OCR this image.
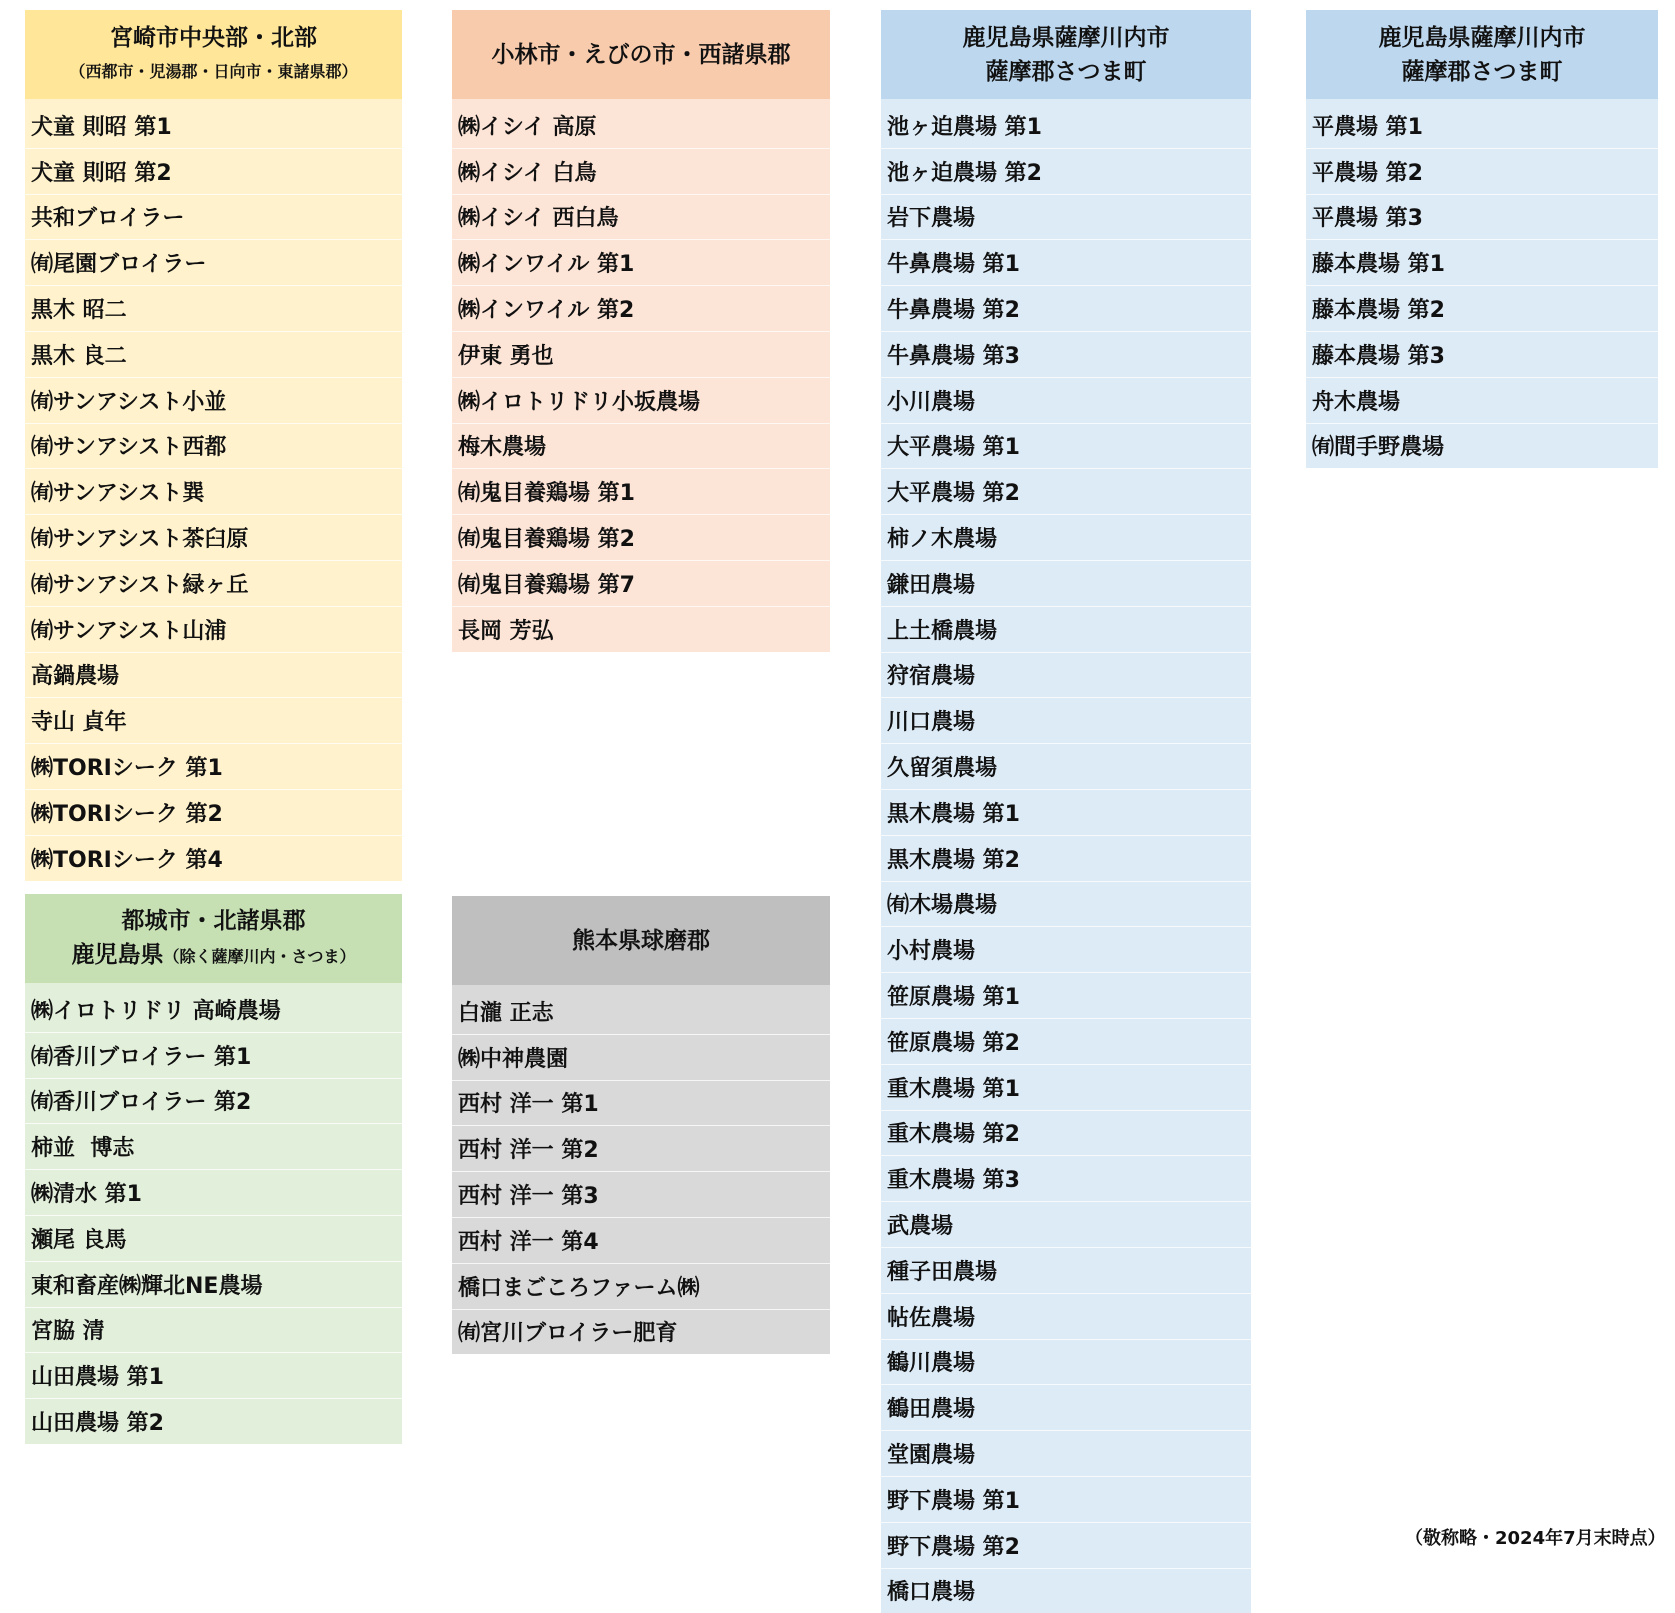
宮崎市中央部・北部
（西都市・児湯郡・日向市・東諸県郡）
犬童 則昭 第1
犬童 則昭 第2
共和ブロイラー
㈲尾園ブロイラー
黒木 昭二
黒木 良二
㈲サンアシスト小並
㈲サンアシスト西都
㈲サンアシスト巽
㈲サンアシスト茶臼原
㈲サンアシスト緑ヶ丘
㈲サンアシスト山浦
高鍋農場
寺山 貞年
㈱TORIシーク 第1
㈱TORIシーク 第2
㈱TORIシーク 第4
小林市・えびの市・西諸県郡
㈱イシイ 高原
㈱イシイ 白鳥
㈱イシイ 西白鳥
㈱インワイル 第1
㈱インワイル 第2
伊東 勇也
㈱イロトリドリ小坂農場
梅木農場
㈲鬼目養鶏場 第1
㈲鬼目養鶏場 第2
㈲鬼目養鶏場 第7
長岡 芳弘
鹿児島県薩摩川内市
薩摩郡さつま町
池ヶ迫農場 第1
池ヶ迫農場 第2
岩下農場
牛鼻農場 第1
牛鼻農場 第2
牛鼻農場 第3
小川農場
大平農場 第1
大平農場 第2
柿ノ木農場
鎌田農場
上土橋農場
狩宿農場
川口農場
久留須農場
黒木農場 第1
黒木農場 第2
㈲木場農場
小村農場
笹原農場 第1
笹原農場 第2
重木農場 第1
重木農場 第2
重木農場 第3
武農場
種子田農場
帖佐農場
鶴川農場
鶴田農場
堂園農場
野下農場 第1
野下農場 第2
橋口農場
鹿児島県薩摩川内市
薩摩郡さつま町
平農場 第1
平農場 第2
平農場 第3
藤本農場 第1
藤本農場 第2
藤本農場 第3
舟木農場
㈲間手野農場
都城市・北諸県郡
鹿児島県（除く薩摩川内・さつま）
㈱イロトリドリ 高崎農場
㈲香川ブロイラー 第1
㈲香川ブロイラー 第2
柿並  博志
㈱清水 第1
瀬尾 良馬
東和畜産㈱輝北NE農場
宮脇 清
山田農場 第1
山田農場 第2
熊本県球磨郡
白瀧 正志
㈱中神農園
西村 洋一 第1
西村 洋一 第2
西村 洋一 第3
西村 洋一 第4
橋口まごころファーム㈱
㈲宮川ブロイラー肥育
（敬称略・2024年7月末時点）
